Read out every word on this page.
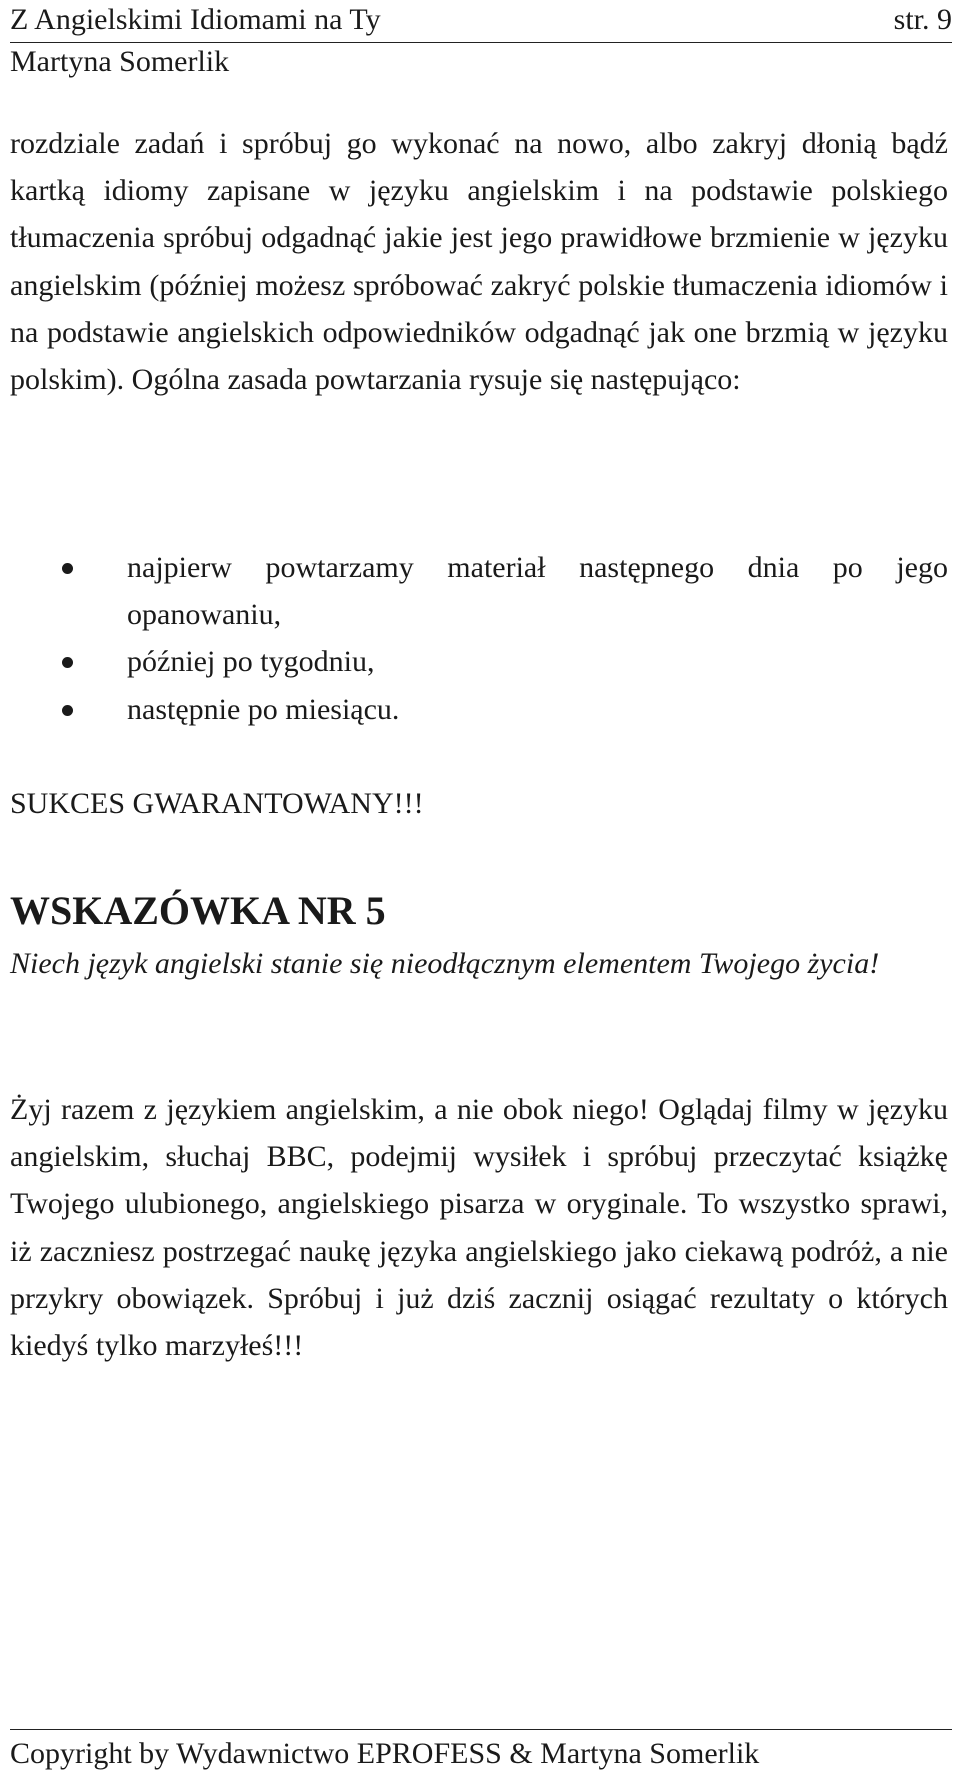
Z Angielskimi Idiomami na Ty	str. 9
Martyna Somerlik
rozdziale zadań i spróbuj go wykonać na nowo, albo zakryj dłonią bądź kartką idiomy zapisane w języku angielskim i na podstawie polskiego tłumaczenia spróbuj odgadnąć jakie jest jego prawidłowe brzmienie w języku angielskim (później możesz spróbować zakryć polskie tłumaczenia idiomów i na podstawie angielskich odpowiedników odgadnąć jak one brzmią w języku polskim). Ogólna zasada powtarzania rysuje się następująco:
najpierw powtarzamy materiał następnego dnia po jego opanowaniu,
później po tygodniu,
następnie po miesiącu.
SUKCES GWARANTOWANY!!!
WSKAZÓWKA NR 5
Niech język angielski stanie się nieodłącznym elementem Twojego życia!
Żyj razem z językiem angielskim, a nie obok niego! Oglądaj filmy w języku angielskim, słuchaj BBC, podejmij wysiłek i spróbuj przeczytać książkę Twojego ulubionego, angielskiego pisarza w oryginale. To wszystko sprawi, iż zaczniesz postrzegać naukę języka angielskiego jako ciekawą podróż, a nie przykry obowiązek. Spróbuj i już dziś zacznij osiągać rezultaty o których kiedyś tylko marzyłeś!!!
Copyright by Wydawnictwo EPROFESS & Martyna Somerlik
